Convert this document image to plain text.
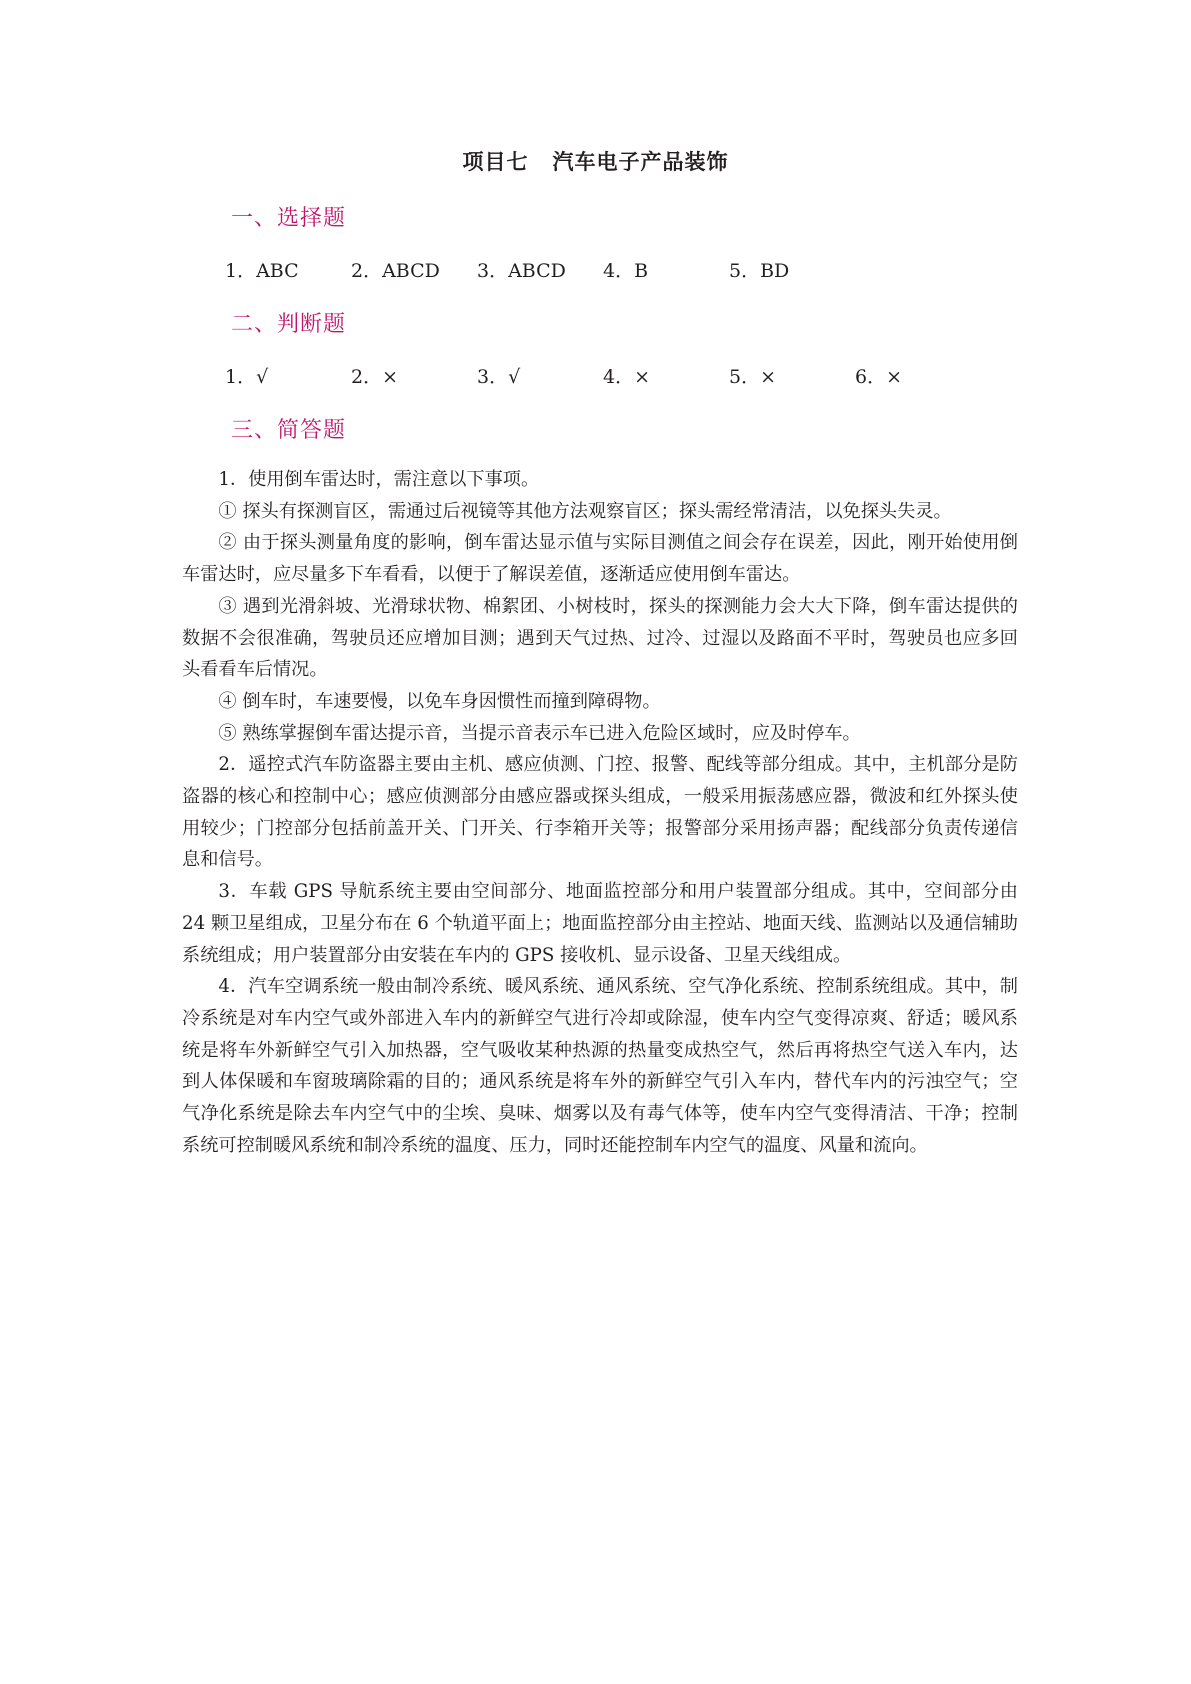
项目七 汽车电子产品装饰
一、选择题
1．ABC	2．ABCD 3．ABCD 4．B	5．BD
二、判断题
1．√	2．×	3．√	4．×	5．×	6．×
三、简答题

1．使用倒车雷达时，需注意以下事项。

① 探头有探测盲区，需通过后视镜等其他方法观察盲区；探头需经常清洁，以免探头失灵。

② 由于探头测量角度的影响，倒车雷达显示值与实际目测值之间会存在误差，因此，刚开始使用倒车雷达时，应尽量多下车看看，以便于了解误差值，逐渐适应使用倒车雷达。

③ 遇到光滑斜坡、光滑球状物、棉絮团、小树枝时，探头的探测能力会大大下降，倒车雷达提供的数据不会很准确，驾驶员还应增加目测；遇到天气过热、过冷、过湿以及路面不平时，驾驶员也应多回头看看车后情况。

④ 倒车时，车速要慢，以免车身因惯性而撞到障碍物。

⑤ 熟练掌握倒车雷达提示音，当提示音表示车已进入危险区域时，应及时停车。

2．遥控式汽车防盗器主要由主机、感应侦测、门控、报警、配线等部分组成。其中，主机部分是防盗器的核心和控制中心；感应侦测部分由感应器或探头组成，一般采用振荡感应器，微波和红外探头使用较少；门控部分包括前盖开关、门开关、行李箱开关等；报警部分采用扬声器；配线部分负责传递信息和信号。

3．车载 GPS 导航系统主要由空间部分、地面监控部分和用户装置部分组成。其中，空间部分由 24 颗卫星组成，卫星分布在 6 个轨道平面上；地面监控部分由主控站、地面天线、监测站以及通信辅助系统组成；用户装置部分由安装在车内的 GPS 接收机、显示设备、卫星天线组成。

4．汽车空调系统一般由制冷系统、暖风系统、通风系统、空气净化系统、控制系统组成。其中，制冷系统是对车内空气或外部进入车内的新鲜空气进行冷却或除湿，使车内空气变得凉爽、舒适；暖风系统是将车外新鲜空气引入加热器，空气吸收某种热源的热量变成热空气，然后再将热空气送入车内，达到人体保暖和车窗玻璃除霜的目的；通风系统是将车外的新鲜空气引入车内，替代车内的污浊空气；空气净化系统是除去车内空气中的尘埃、臭味、烟雾以及有毒气体等，使车内空气变得清洁、干净；控制系统可控制暖风系统和制冷系统的温度、压力，同时还能控制车内空气的温度、风量和流向。
